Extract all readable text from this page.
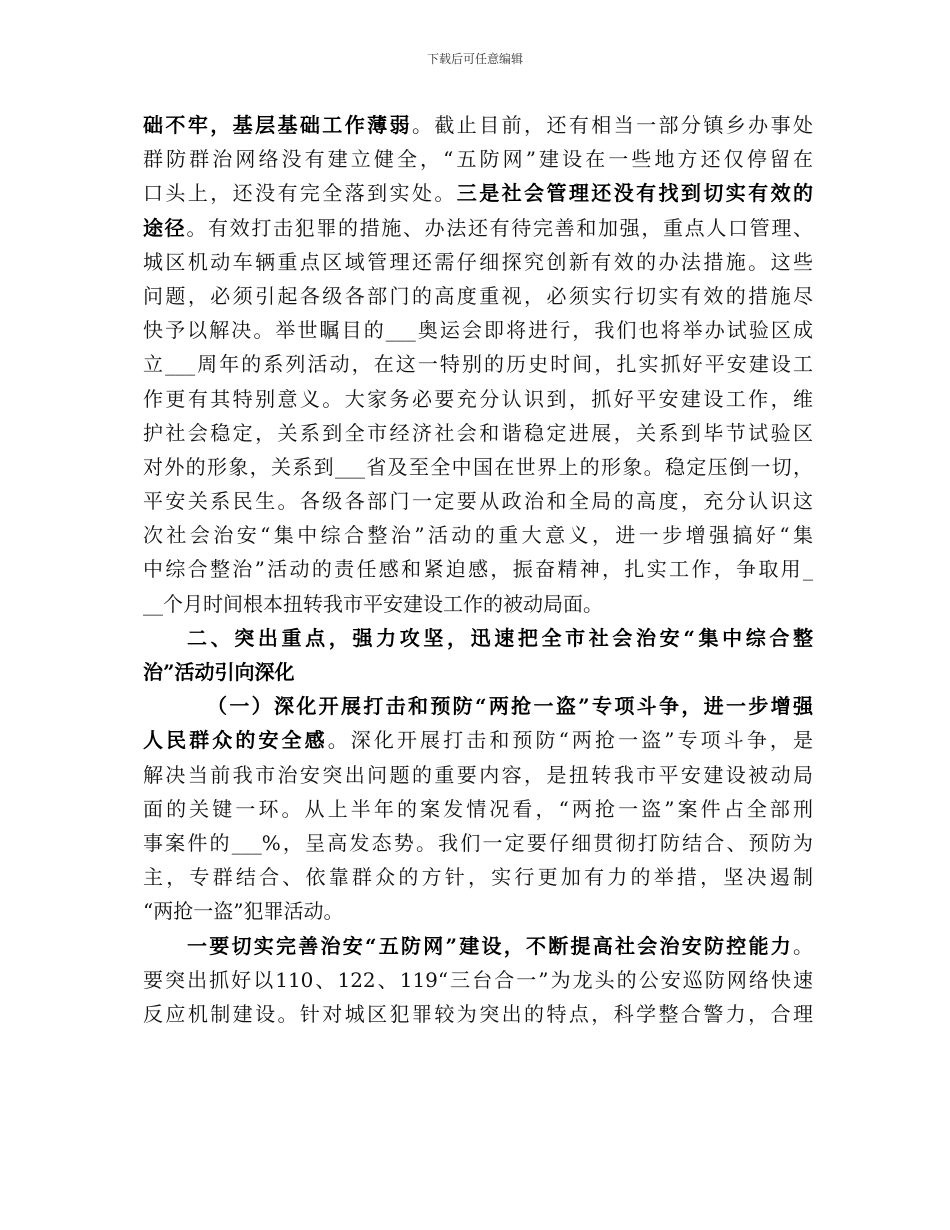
下载后可任意编辑
础不牢，基层基础工作薄弱。截止目前，还有相当一部分镇乡办事处
群防群治网络没有建立健全，“五防网”建设在一些地方还仅停留在
口头上，还没有完全落到实处。三是社会管理还没有找到切实有效的
途径。有效打击犯罪的措施、办法还有待完善和加强，重点人口管理、
城区机动车辆重点区域管理还需仔细探究创新有效的办法措施。这些
问题，必须引起各级各部门的高度重视，必须实行切实有效的措施尽
快予以解决。举世瞩目的___奥运会即将进行，我们也将举办试验区成
立___周年的系列活动，在这一特别的历史时间，扎实抓好平安建设工
作更有其特别意义。大家务必要充分认识到，抓好平安建设工作，维
护社会稳定，关系到全市经济社会和谐稳定进展，关系到毕节试验区
对外的形象，关系到___省及至全中国在世界上的形象。稳定压倒一切，
平安关系民生。各级各部门一定要从政治和全局的高度，充分认识这
次社会治安“集中综合整治”活动的重大意义，进一步增强搞好“集
中综合整治”活动的责任感和紧迫感，振奋精神，扎实工作，争取用_
__个月时间根本扭转我市平安建设工作的被动局面。
二、突出重点，强力攻坚，迅速把全市社会治安“集中综合整
治”活动引向深化
（一）深化开展打击和预防“两抢一盗”专项斗争，进一步增强
人民群众的安全感。深化开展打击和预防“两抢一盗”专项斗争，是
解决当前我市治安突出问题的重要内容，是扭转我市平安建设被动局
面的关键一环。从上半年的案发情况看，“两抢一盗”案件占全部刑
事案件的___%，呈高发态势。我们一定要仔细贯彻打防结合、预防为
主，专群结合、依靠群众的方针，实行更加有力的举措，坚决遏制
“两抢一盗”犯罪活动。
一要切实完善治安“五防网”建设，不断提高社会治安防控能力。
要突出抓好以110、122、119“三台合一”为龙头的公安巡防网络快速
反应机制建设。针对城区犯罪较为突出的特点，科学整合警力，合理
